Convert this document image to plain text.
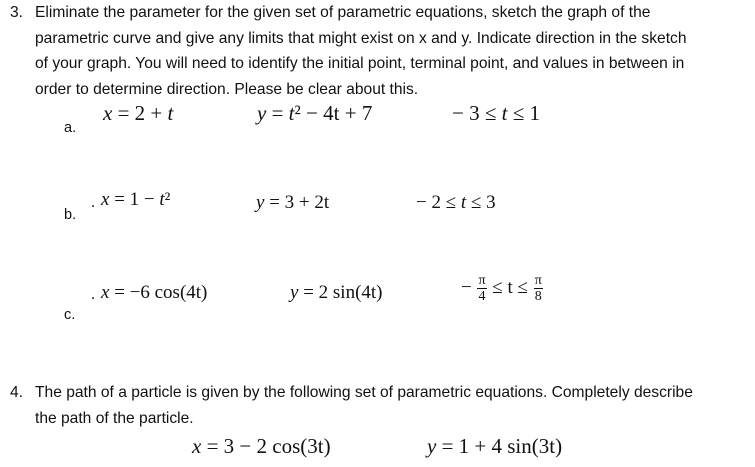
3. Eliminate the parameter for the given set of parametric equations, sketch the graph of the
parametric curve and give any limits that might exist on x and y. Indicate direction in the sketch
of your graph. You will need to identify the initial point, terminal point, and values in between in
order to determine direction. Please be clear about this.
a.
x = 2 + t	y = t² − 4t + 7	− 3 ≤ t ≤ 1
b.
. x = 1 − t²	y = 3 + 2t	− 2 ≤ t ≤ 3
c.
. x = −6 cos(4t)	y = 2 sin(4t)	− $\frac{\pi}{4} \le t \le \frac{\pi}{8}$
4. The path of a particle is given by the following set of parametric equations. Completely describe
the path of the particle.
x = 3 − 2 cos(3t)	y = 1 + 4 sin(3t)
